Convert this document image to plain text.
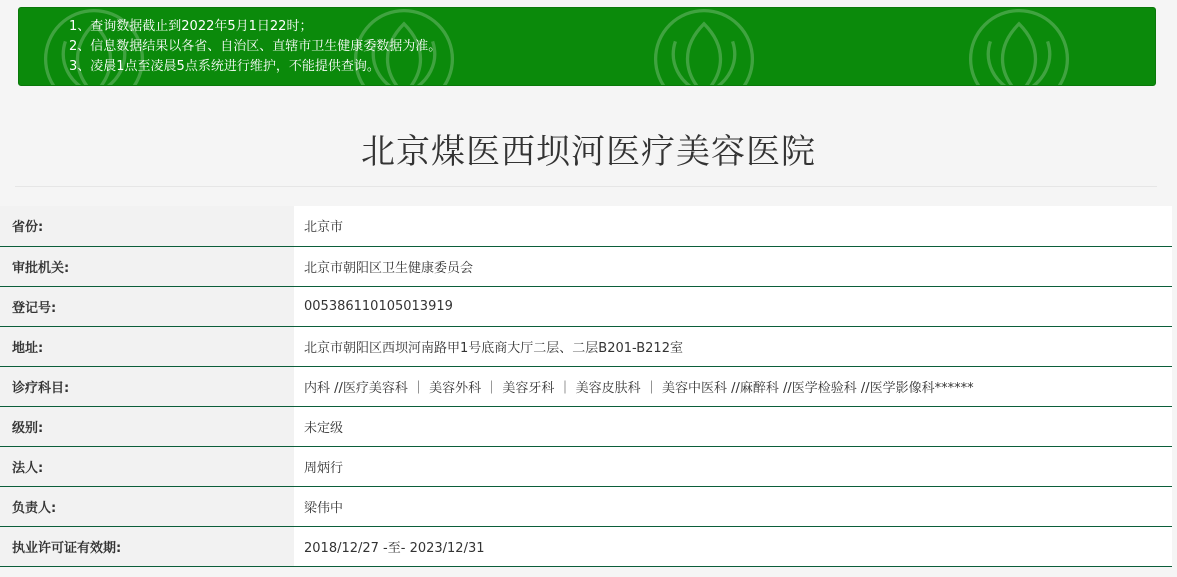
1、查询数据截止到2022年5月1日22时；
2、信息数据结果以各省、自治区、直辖市卫生健康委数据为准。
3、凌晨1点至凌晨5点系统进行维护，不能提供查询。
北京煤医西坝河医疗美容医院
省份:	北京市
审批机关:	北京市朝阳区卫生健康委员会
登记号:	005386110105013919
地址:	北京市朝阳区西坝河南路甲1号底商大厅二层、二层B201-B212室
诊疗科目:	内科 //医疗美容科 ｜ 美容外科 ｜ 美容牙科 ｜ 美容皮肤科 ｜ 美容中医科 //麻醉科 //医学检验科 //医学影像科******
级别:	未定级
法人:	周炳行
负责人:	梁伟中
执业许可证有效期:	2018/12/27 -至- 2023/12/31
